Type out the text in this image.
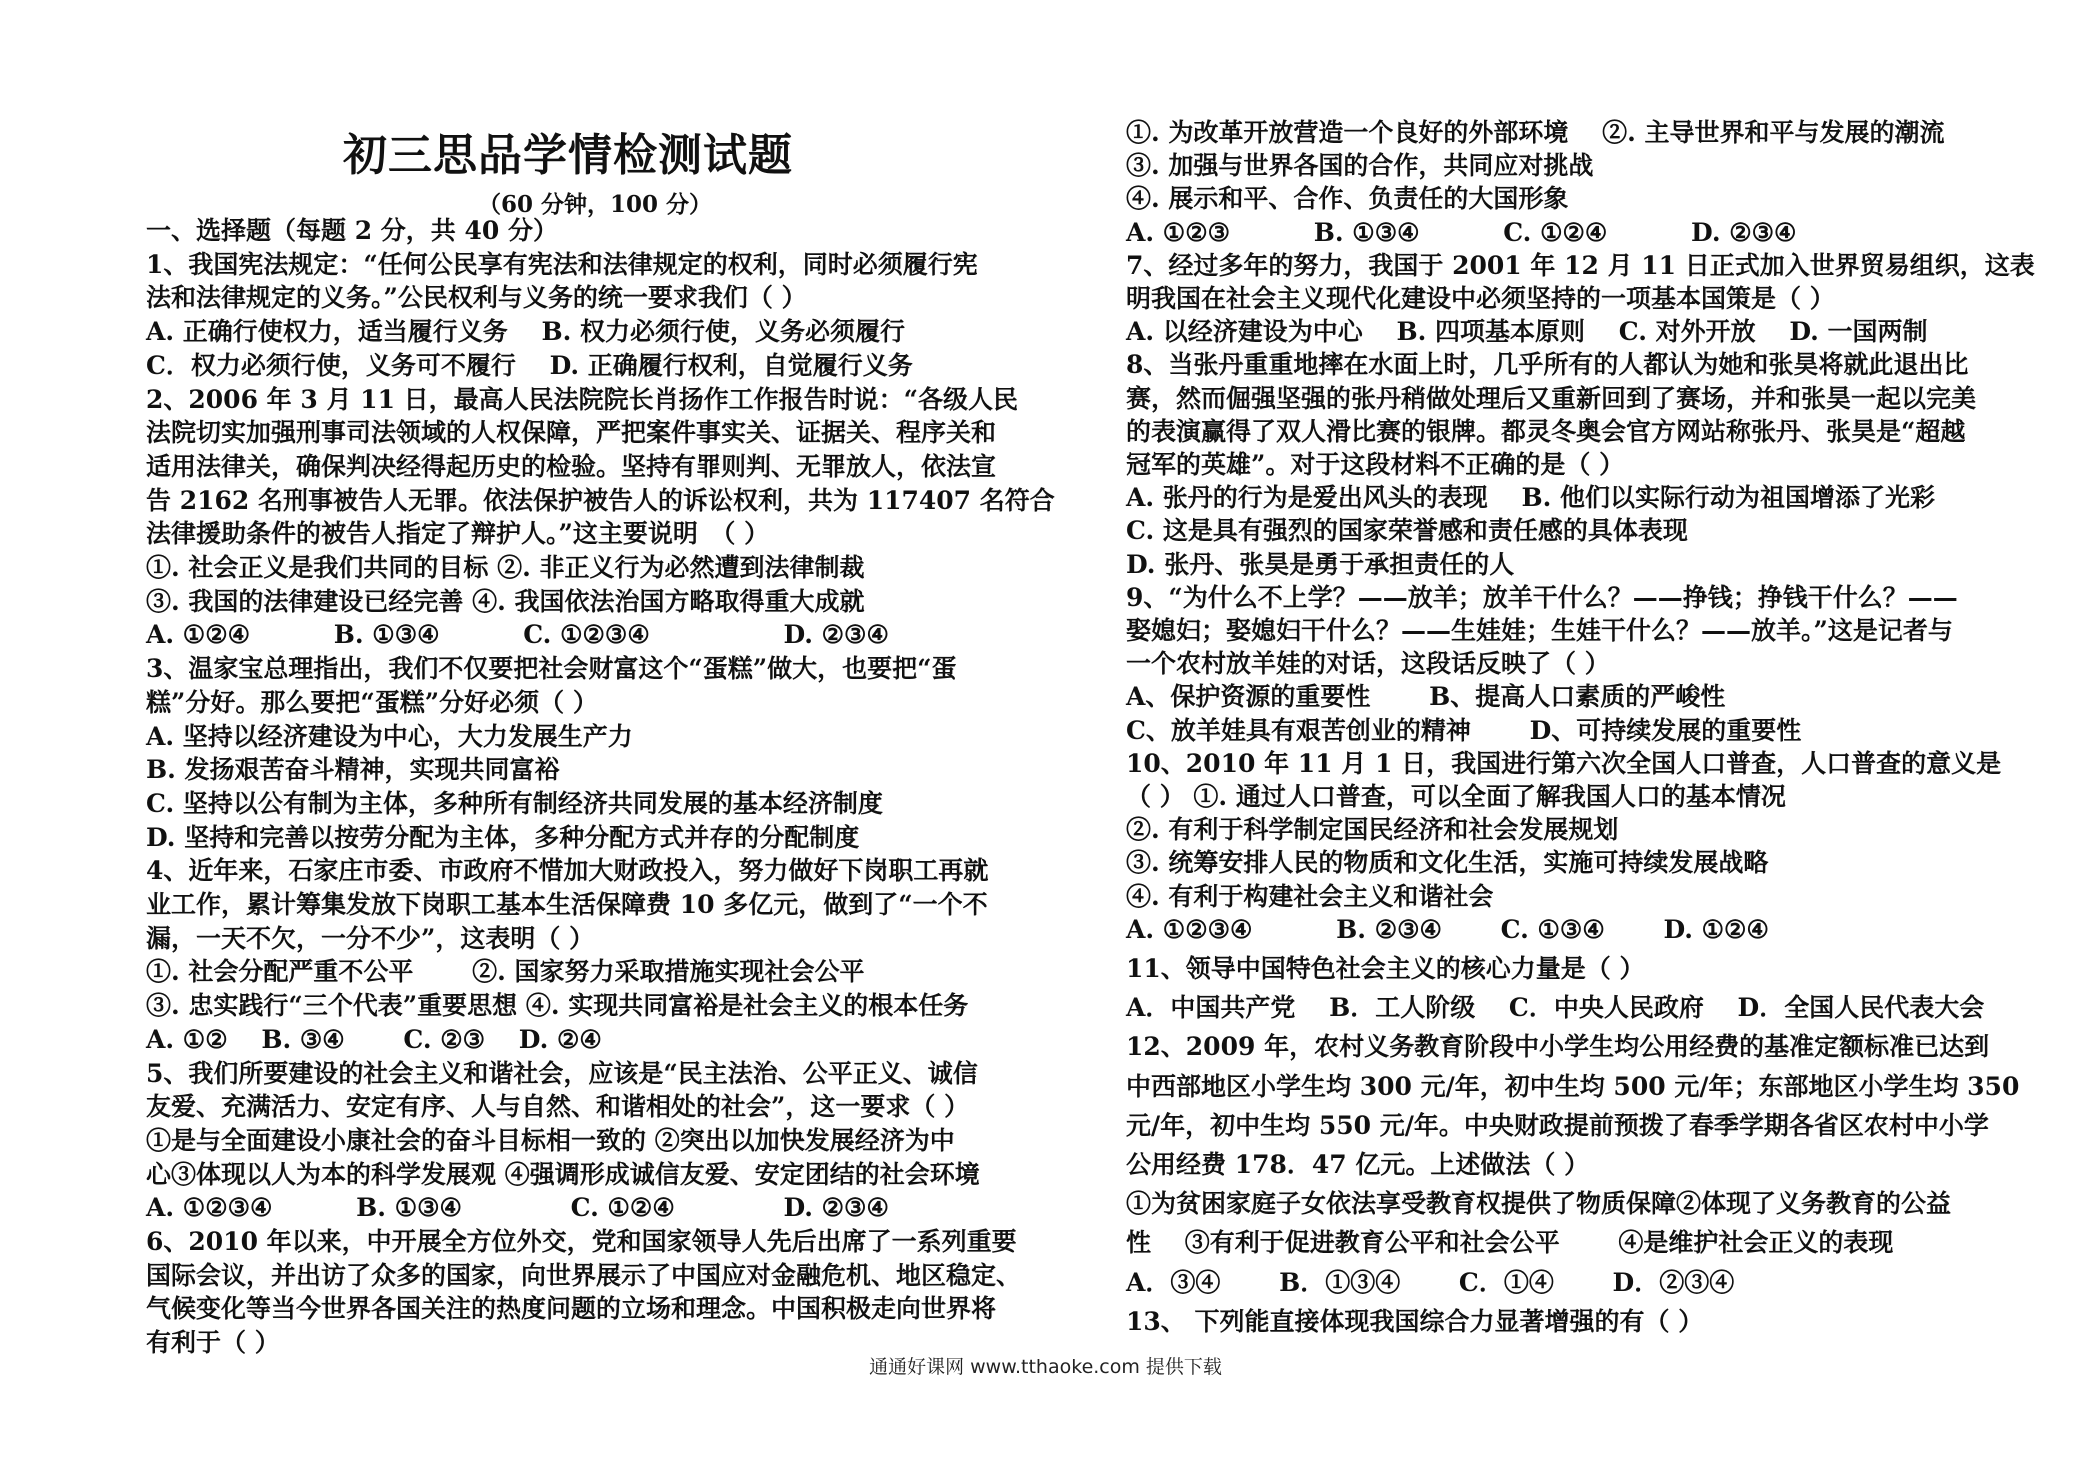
初三思品学情检测试题
（60 分钟，100 分）
一、选择题（每题 2 分，共 40 分）
1、我国宪法规定：“任何公民享有宪法和法律规定的权利，同时必须履行宪
法和法律规定的义务。”公民权利与义务的统一要求我们（ ）
A. 正确行使权力，适当履行义务 　B. 权力必须行使，义务必须履行
C．权力必须行使，义务可不履行 　D. 正确履行权利，自觉履行义务
2、2006 年 3 月 11 日，最高人民法院院长肖扬作工作报告时说：“各级人民
法院切实加强刑事司法领域的人权保障，严把案件事实关、证据关、程序关和
适用法律关，确保判决经得起历史的检验。坚持有罪则判、无罪放人，依法宣
告 2162 名刑事被告人无罪。依法保护被告人的诉讼权利，共为 117407 名符合
法律援助条件的被告人指定了辩护人。”这主要说明　（ ）
①. 社会正义是我们共同的目标 ②. 非正义行为必然遭到法律制裁
③. 我国的法律建设已经完善 ④. 我国依法治国方略取得重大成就
A. ①②④ 　　　B. ①③④ 　　　C. ①②③④ 　　　　　D. ②③④
3、温家宝总理指出，我们不仅要把社会财富这个“蛋糕”做大，也要把“蛋
糕”分好。那么要把“蛋糕”分好必须（ ）
A. 坚持以经济建设为中心，大力发展生产力
B. 发扬艰苦奋斗精神，实现共同富裕
C. 坚持以公有制为主体，多种所有制经济共同发展的基本经济制度
D. 坚持和完善以按劳分配为主体，多种分配方式并存的分配制度
4、近年来，石家庄市委、市政府不惜加大财政投入，努力做好下岗职工再就
业工作，累计筹集发放下岗职工基本生活保障费 10 多亿元，做到了“一个不
漏，一天不欠，一分不少”，这表明（ ）
①. 社会分配严重不公平 　　②. 国家努力采取措施实现社会公平
③. 忠实践行“三个代表”重要思想 ④. 实现共同富裕是社会主义的根本任务
A. ①② 　B. ③④ 　　C. ②③ 　D. ②④
5、我们所要建设的社会主义和谐社会，应该是“民主法治、公平正义、诚信
友爱、充满活力、安定有序、人与自然、和谐相处的社会”，这一要求（ ）
①是与全面建设小康社会的奋斗目标相一致的 ②突出以加快发展经济为中
心③体现以人为本的科学发展观 ④强调形成诚信友爱、安定团结的社会环境
A. ①②③④ 　　　B. ①③④ 　　　　C. ①②④ 　　　　D. ②③④
6、2010 年以来，中开展全方位外交，党和国家领导人先后出席了一系列重要
国际会议，并出访了众多的国家，向世界展示了中国应对金融危机、地区稳定、
气候变化等当今世界各国关注的热度问题的立场和理念。中国积极走向世界将
有利于（ ）
①. 为改革开放营造一个良好的外部环境 　②. 主导世界和平与发展的潮流
③. 加强与世界各国的合作，共同应对挑战
④. 展示和平、合作、负责任的大国形象
A. ①②③ 　　　B. ①③④ 　　　C. ①②④ 　　　D. ②③④
7、经过多年的努力，我国于 2001 年 12 月 11 日正式加入世界贸易组织，这表
明我国在社会主义现代化建设中必须坚持的一项基本国策是（ ）
A. 以经济建设为中心 　B. 四项基本原则 　C. 对外开放 　D. 一国两制
8、当张丹重重地摔在水面上时，几乎所有的人都认为她和张昊将就此退出比
赛，然而倔强坚强的张丹稍做处理后又重新回到了赛场，并和张昊一起以完美
的表演赢得了双人滑比赛的银牌。都灵冬奥会官方网站称张丹、张昊是“超越
冠军的英雄”。对于这段材料不正确的是（ ）
A. 张丹的行为是爱出风头的表现 　B. 他们以实际行动为祖国增添了光彩
C. 这是具有强烈的国家荣誉感和责任感的具体表现
D. 张丹、张昊是勇于承担责任的人
9、“为什么不上学？——放羊；放羊干什么？——挣钱；挣钱干什么？——
娶媳妇；娶媳妇干什么？——生娃娃；生娃干什么？——放羊。”这是记者与
一个农村放羊娃的对话，这段话反映了（ ）
A、保护资源的重要性 　　B、提高人口素质的严峻性
C、放羊娃具有艰苦创业的精神 　　D、可持续发展的重要性
10、2010 年 11 月 1 日，我国进行第六次全国人口普查，人口普查的意义是
（ ） ①. 通过人口普查，可以全面了解我国人口的基本情况
②. 有利于科学制定国民经济和社会发展规划
③. 统筹安排人民的物质和文化生活，实施可持续发展战略
④. 有利于构建社会主义和谐社会
A. ①②③④ 　　　B. ②③④ 　　C. ①③④ 　　D. ①②④
11、领导中国特色社会主义的核心力量是（ ）
A．中国共产党 　B．工人阶级 　C．中央人民政府 　D．全国人民代表大会
12、2009 年，农村义务教育阶段中小学生均公用经费的基准定额标准已达到
中西部地区小学生均 300 元/年，初中生均 500 元/年；东部地区小学生均 350
元/年，初中生均 550 元/年。中央财政提前预拨了春季学期各省区农村中小学
公用经费 178．47 亿元。上述做法（ ）
①为贫困家庭子女依法享受教育权提供了物质保障②体现了义务教育的公益
性 　③有利于促进教育公平和社会公平 　　④是维护社会正义的表现
A．③④ 　　B．①③④ 　　C．①④ 　　D．②③④
13、 下列能直接体现我国综合力显著增强的有（ ）
通通好课网 www.tthaoke.com 提供下载
